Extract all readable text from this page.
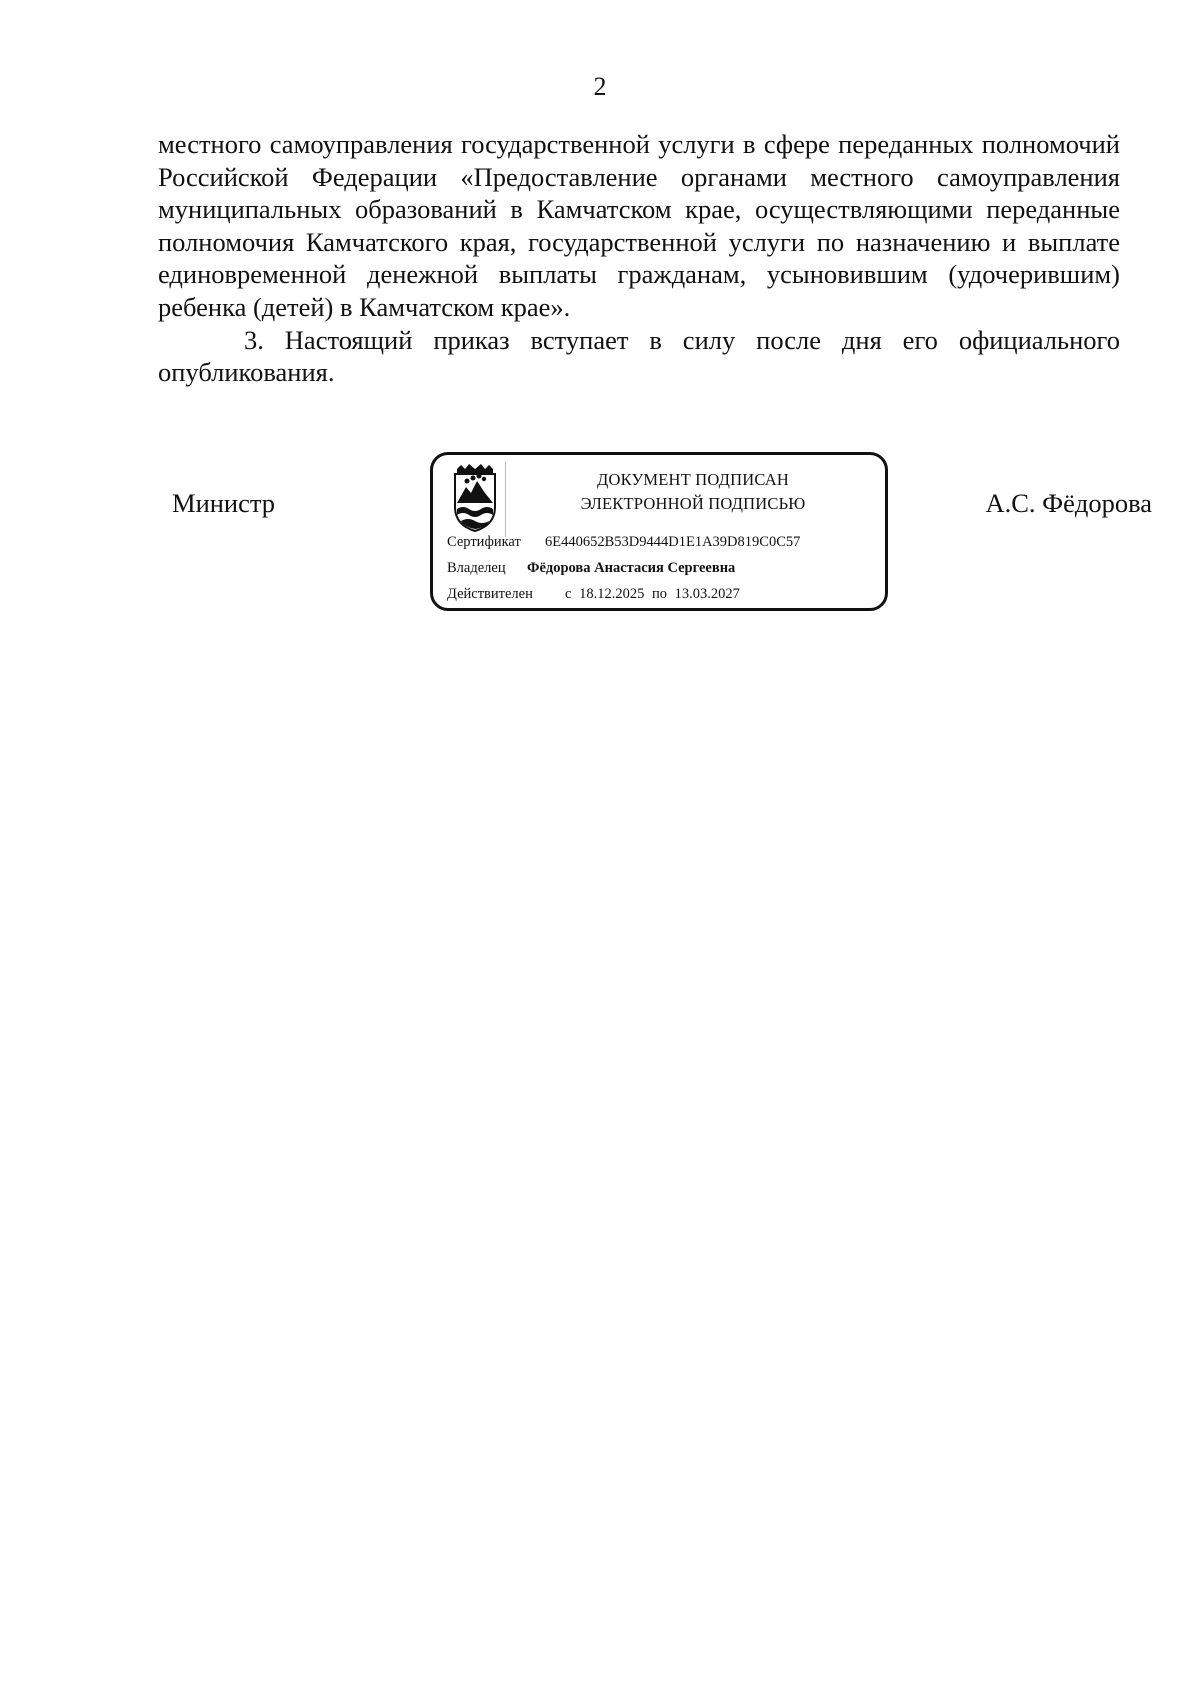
2

местного самоуправления государственной услуги в сфере переданных полномочий Российской Федерации «Предоставление органами местного самоуправления муниципальных образований в Камчатском крае, осуществляющими переданные полномочия Камчатского края, государственной услуги по назначению и выплате единовременной денежной выплаты гражданам, усыновившим (удочерившим) ребенка (детей) в Камчатском крае».

3. Настоящий приказ вступает в силу после дня его официального опубликования.

Министр	А.С. Фёдорова
ДОКУМЕНТ ПОДПИСАН
ЭЛЕКТРОННОЙ ПОДПИСЬЮ
Сертификат 6E440652B53D9444D1E1A39D819C0C57
Владелец Фёдорова Анастасия Сергеевна
Действителен с 18.12.2025 по 13.03.2027
